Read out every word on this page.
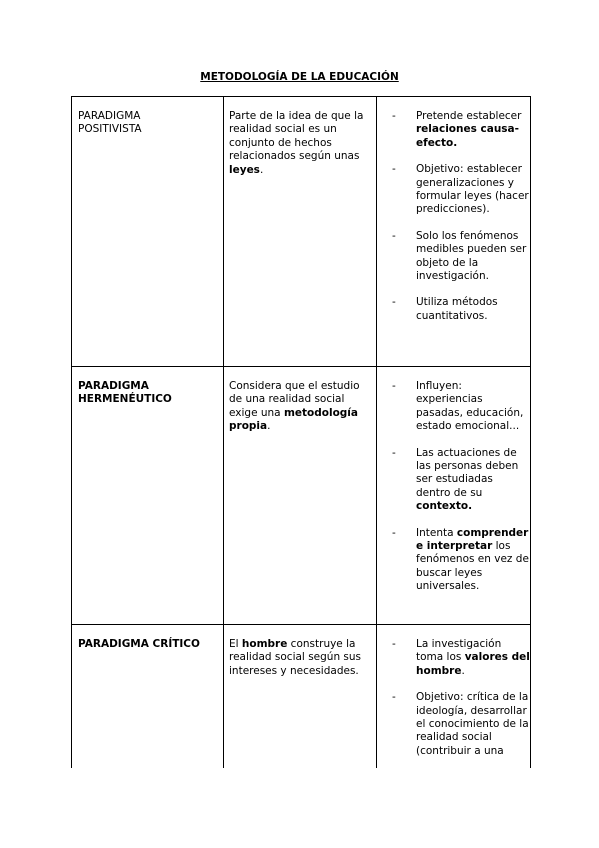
METODOLOGÍA DE LA EDUCACIÓN
PARADIGMA
POSITIVISTA
Parte de la idea de que la realidad social es un conjunto de hechos relacionados según unas leyes.
- Pretende establecer relaciones causa-efecto.
- Objetivo: establecer generalizaciones y formular leyes (hacer predicciones).
- Solo los fenómenos medibles pueden ser objeto de la investigación.
- Utiliza métodos cuantitativos.
PARADIGMA
HERMENÉUTICO
Considera que el estudio de una realidad social exige una metodología propia.
- Influyen: experiencias pasadas, educación, estado emocional...
- Las actuaciones de las personas deben ser estudiadas dentro de su contexto.
- Intenta comprender e interpretar los fenómenos en vez de buscar leyes universales.
PARADIGMA CRÍTICO	El hombre construye la realidad social según sus intereses y necesidades.
- La investigación toma los valores del hombre.
- Objetivo: crítica de la ideología, desarrollar el conocimiento de la realidad social (contribuir a una
